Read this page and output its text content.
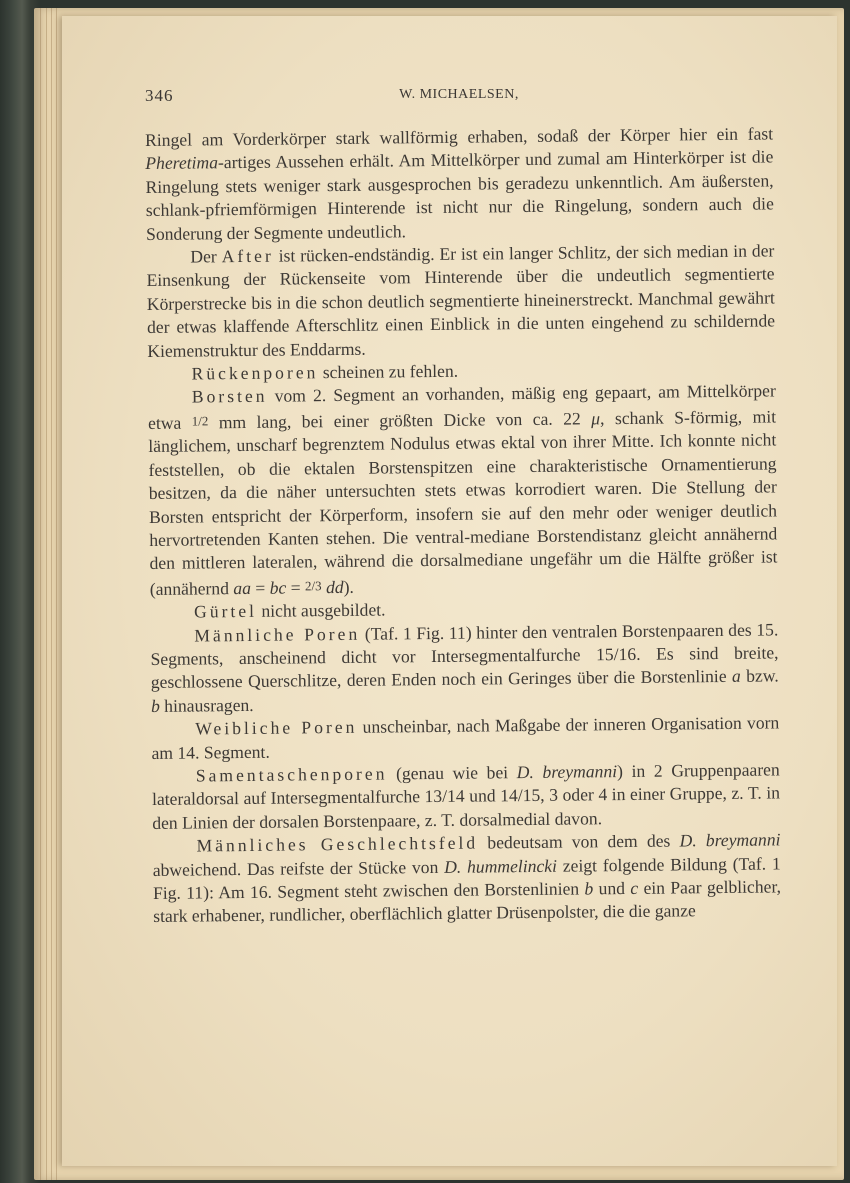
346	W. MICHAELSEN,

Ringel am Vorderkörper stark wallförmig erhaben, sodaß der Körper hier ein fast Pheretima-artiges Aussehen erhält. Am Mittelkörper und zumal am Hinterkörper ist die Ringelung stets weniger stark ausgesprochen bis geradezu unkenntlich. Am äußersten, schlank-pfriemförmigen Hinterende ist nicht nur die Ringelung, sondern auch die Sonderung der Segmente undeutlich.

Der After ist rücken-endständig. Er ist ein langer Schlitz, der sich median in der Einsenkung der Rückenseite vom Hinterende über die undeutlich segmentierte Körperstrecke bis in die schon deutlich segmentierte hineinerstreckt. Manchmal gewährt der etwas klaffende Afterschlitz einen Einblick in die unten eingehend zu schildernde Kiemenstruktur des Enddarms.

Rückenporen scheinen zu fehlen.

Borsten vom 2. Segment an vorhanden, mäßig eng gepaart, am Mittelkörper etwa 1/2 mm lang, bei einer größten Dicke von ca. 22 μ, schank S-förmig, mit länglichem, unscharf begrenztem Nodulus etwas ektal von ihrer Mitte. Ich konnte nicht feststellen, ob die ektalen Borstenspitzen eine charakteristische Ornamentierung besitzen, da die näher untersuchten stets etwas korrodiert waren. Die Stellung der Borsten entspricht der Körperform, insofern sie auf den mehr oder weniger deutlich hervortretenden Kanten stehen. Die ventral-mediane Borstendistanz gleicht annähernd den mittleren lateralen, während die dorsalmediane ungefähr um die Hälfte größer ist (annähernd aa = bc = 2/3 dd).

Gürtel nicht ausgebildet.

Männliche Poren (Taf. 1 Fig. 11) hinter den ventralen Borstenpaaren des 15. Segments, anscheinend dicht vor Intersegmentalfurche 15/16. Es sind breite, geschlossene Querschlitze, deren Enden noch ein Geringes über die Borstenlinie a bzw. b hinausragen.

Weibliche Poren unscheinbar, nach Maßgabe der inneren Organisation vorn am 14. Segment.

Samentaschenporen (genau wie bei D. breymanni) in 2 Gruppenpaaren lateraldorsal auf Intersegmentalfurche 13/14 und 14/15, 3 oder 4 in einer Gruppe, z. T. in den Linien der dorsalen Borstenpaare, z. T. dorsalmedial davon.

Männliches Geschlechtsfeld bedeutsam von dem des D. breymanni abweichend. Das reifste der Stücke von D. hummelincki zeigt folgende Bildung (Taf. 1 Fig. 11): Am 16. Segment steht zwischen den Borstenlinien b und c ein Paar gelblicher, stark erhabener, rundlicher, oberflächlich glatter Drüsenpolster, die die ganze
